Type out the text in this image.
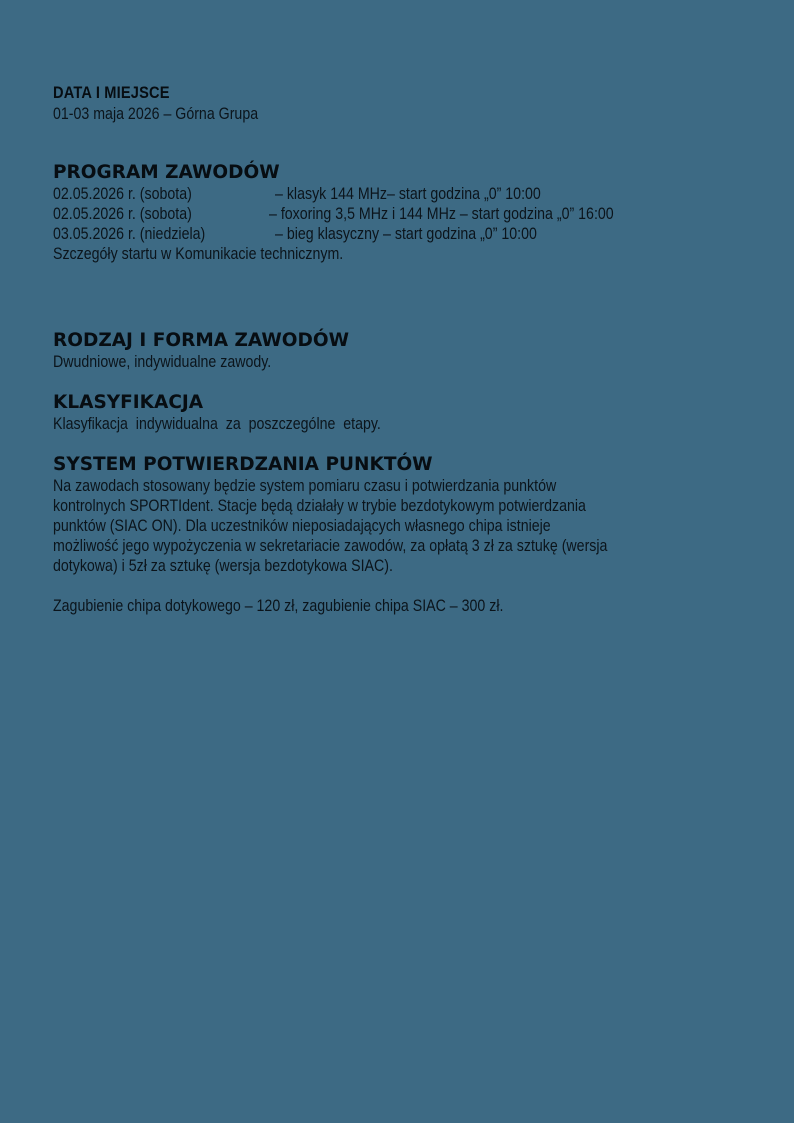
DATA I MIEJSCE
01-03 maja 2026 – Górna Grupa
PROGRAM ZAWODÓW
02.05.2026 r. (sobota)	– klasyk 144 MHz– start godzina „0” 10:00
02.05.2026 r. (sobota)	– foxoring 3,5 MHz i 144 MHz – start godzina „0” 16:00
03.05.2026 r. (niedziela)	– bieg klasyczny – start godzina „0” 10:00
Szczegóły startu w Komunikacie technicznym.
RODZAJ I FORMA ZAWODÓW
Dwudniowe, indywidualne zawody.
KLASYFIKACJA
Klasyfikacja  indywidualna  za  poszczególne  etapy.
SYSTEM POTWIERDZANIA PUNKTÓW
Na zawodach stosowany będzie system pomiaru czasu i potwierdzania punktów
kontrolnych SPORTIdent. Stacje będą działały w trybie bezdotykowym potwierdzania
punktów (SIAC ON). Dla uczestników nieposiadających własnego chipa istnieje
możliwość jego wypożyczenia w sekretariacie zawodów, za opłatą 3 zł za sztukę (wersja
dotykowa) i 5zł za sztukę (wersja bezdotykowa SIAC).
Zagubienie chipa dotykowego – 120 zł, zagubienie chipa SIAC – 300 zł.
